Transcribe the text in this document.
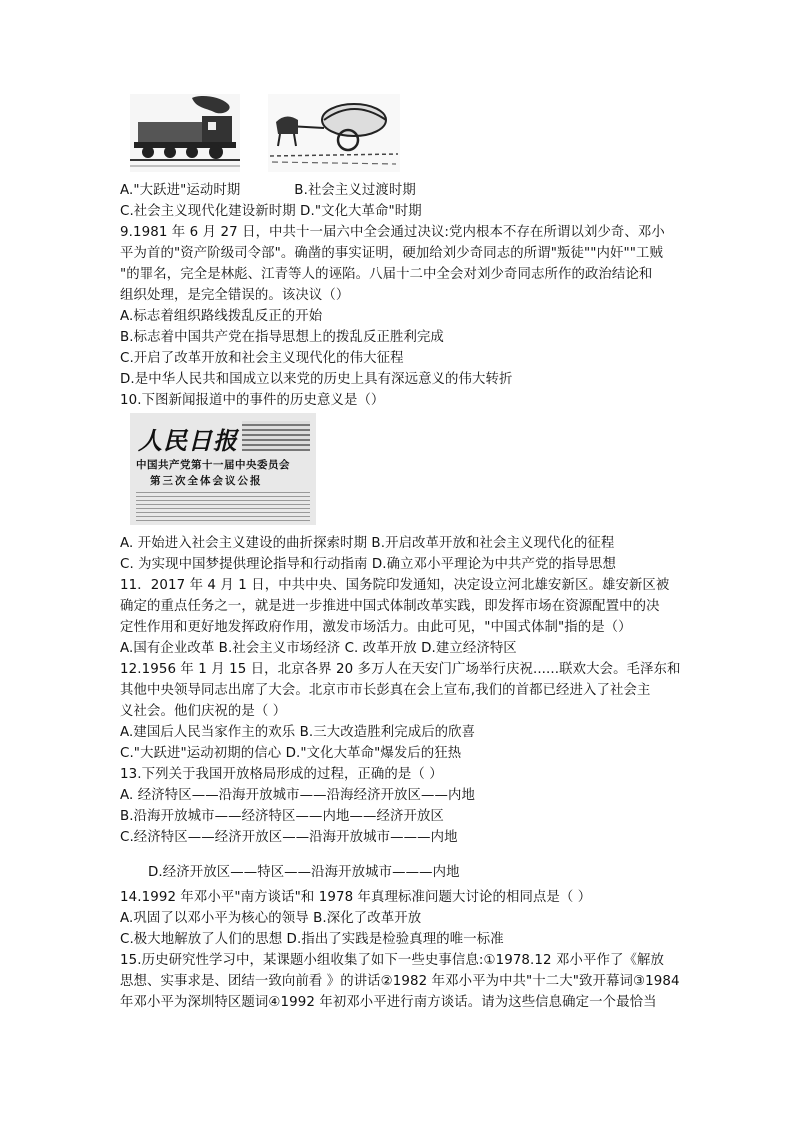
A."大跃进"运动时期　　　　B.社会主义过渡时期
C.社会主义现代化建设新时期 D."文化大革命"时期
9.1981 年 6 月 27 日，中共十一届六中全会通过决议:党内根本不存在所谓以刘少奇、邓小
平为首的"资产阶级司令部"。确凿的事实证明，硬加给刘少奇同志的所谓"叛徒""内奸""工贼
"的罪名，完全是林彪、江青等人的诬陷。八届十二中全会对刘少奇同志所作的政治结论和
组织处理，是完全错误的。该决议（）
A.标志着组织路线拨乱反正的开始
B.标志着中国共产党在指导思想上的拨乱反正胜利完成
C.开启了改革开放和社会主义现代化的伟大征程
D.是中华人民共和国成立以来党的历史上具有深远意义的伟大转折
10.下图新闻报道中的事件的历史意义是（）
人民日报
中国共产党第十一届中央委员会
第三次全体会议公报
A. 开始进入社会主义建设的曲折探索时期 B.开启改革开放和社会主义现代化的征程
C. 为实现中国梦提供理论指导和行动指南 D.确立邓小平理论为中共产党的指导思想
11．2017 年 4 月 1 日，中共中央、国务院印发通知，决定设立河北雄安新区。雄安新区被
确定的重点任务之一，就是进一步推进中国式体制改革实践，即发挥市场在资源配置中的决
定性作用和更好地发挥政府作用，激发市场活力。由此可见，"中国式体制"指的是（）
A.国有企业改革 B.社会主义市场经济 C. 改革开放 D.建立经济特区
12.1956 年 1 月 15 日，北京各界 20 多万人在天安门广场举行庆祝......联欢大会。毛泽东和
其他中央领导同志出席了大会。北京市市长彭真在会上宣布,我们的首都已经进入了社会主
义社会。他们庆祝的是（ ）
A.建国后人民当家作主的欢乐 B.三大改造胜利完成后的欣喜
C."大跃进"运动初期的信心 D."文化大革命"爆发后的狂热
13.下列关于我国开放格局形成的过程，正确的是（ ）
A. 经济特区——沿海开放城市——沿海经济开放区——内地
B.沿海开放城市——经济特区——内地——经济开放区
C.经济特区——经济开放区——沿海开放城市———内地
D.经济开放区——特区——沿海开放城市———内地
14.1992 年邓小平"南方谈话"和 1978 年真理标准问题大讨论的相同点是（ ）
A.巩固了以邓小平为核心的领导 B.深化了改革开放
C.极大地解放了人们的思想 D.指出了实践是检验真理的唯一标准
15.历史研究性学习中，某课题小组收集了如下一些史事信息:①1978.12 邓小平作了《解放
思想、实事求是、团结一致向前看 》的讲话②1982 年邓小平为中共"十二大"致开幕词③1984
年邓小平为深圳特区题词④1992 年初邓小平进行南方谈话。请为这些信息确定一个最恰当
